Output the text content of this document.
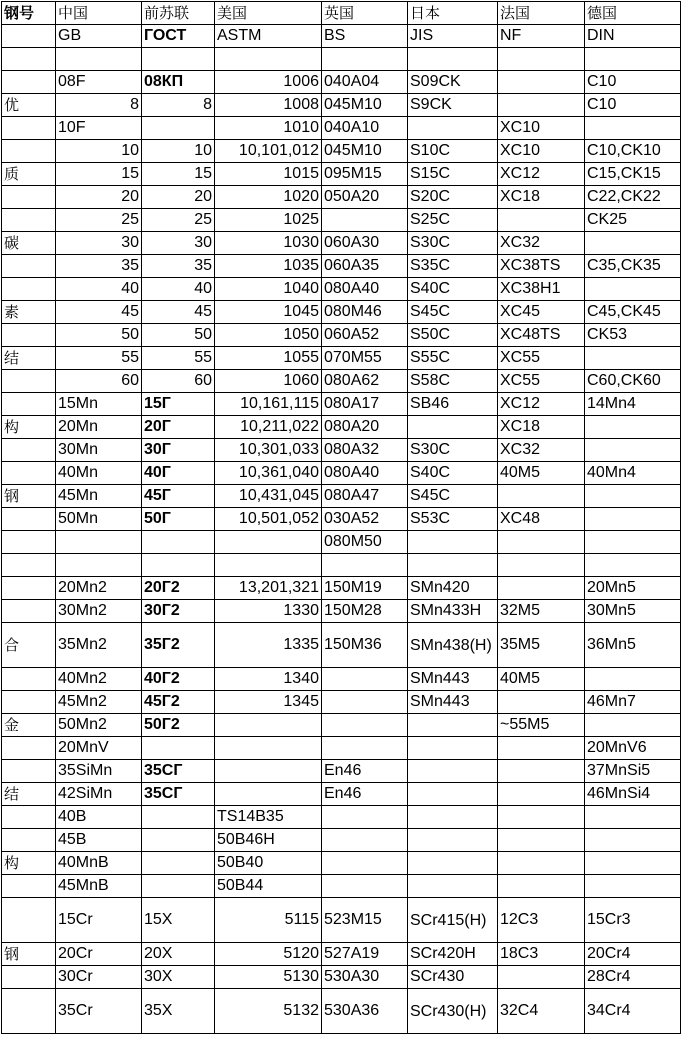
钢号	中国	前苏联	美国	英国	日本	法国	德国
	GB	ГОСТ	ASTM	BS	JIS	NF	DIN

	08F	08КП	1006	040A04	S09CK		C10
优	8	8	1008	045M10	S9CK		C10
	10F		1010	040A10		XC10	
	10	10	10,101,012	045M10	S10C	XC10	C10,CK10
质	15	15	1015	095M15	S15C	XC12	C15,CK15
	20	20	1020	050A20	S20C	XC18	C22,CK22
	25	25	1025		S25C		CK25
碳	30	30	1030	060A30	S30C	XC32	
	35	35	1035	060A35	S35C	XC38TS	C35,CK35
	40	40	1040	080A40	S40C	XC38H1	
素	45	45	1045	080M46	S45C	XC45	C45,CK45
	50	50	1050	060A52	S50C	XC48TS	CK53
结	55	55	1055	070M55	S55C	XC55	
	60	60	1060	080A62	S58C	XC55	C60,CK60
	15Mn	15Г	10,161,115	080A17	SB46	XC12	14Mn4
构	20Mn	20Г	10,211,022	080A20		XC18	
	30Mn	30Г	10,301,033	080A32	S30C	XC32	
	40Mn	40Г	10,361,040	080A40	S40C	40M5	40Mn4
钢	45Mn	45Г	10,431,045	080A47	S45C		
	50Mn	50Г	10,501,052	030A52	S53C	XC48	
				080M50			

	20Mn2	20Г2	13,201,321	150M19	SMn420		20Mn5
	30Mn2	30Г2	1330	150M28	SMn433H	32M5	30Mn5
合	35Mn2	35Г2	1335	150M36	SMn438(H)	35M5	36Mn5
	40Mn2	40Г2	1340		SMn443	40M5	
	45Mn2	45Г2	1345		SMn443		46Mn7
金	50Mn2	50Г2				~55M5	
	20MnV						20MnV6
	35SiMn	35СГ		En46			37MnSi5
结	42SiMn	35СГ		En46			46MnSi4
	40B		TS14B35				
	45B		50B46H				
构	40MnB		50B40				
	45MnB		50B44				
	15Cr	15X	5115	523M15	SCr415(H)	12C3	15Cr3
钢	20Cr	20X	5120	527A19	SCr420H	18C3	20Cr4
	30Cr	30X	5130	530A30	SCr430		28Cr4
	35Cr	35X	5132	530A36	SCr430(H)	32C4	34Cr4
